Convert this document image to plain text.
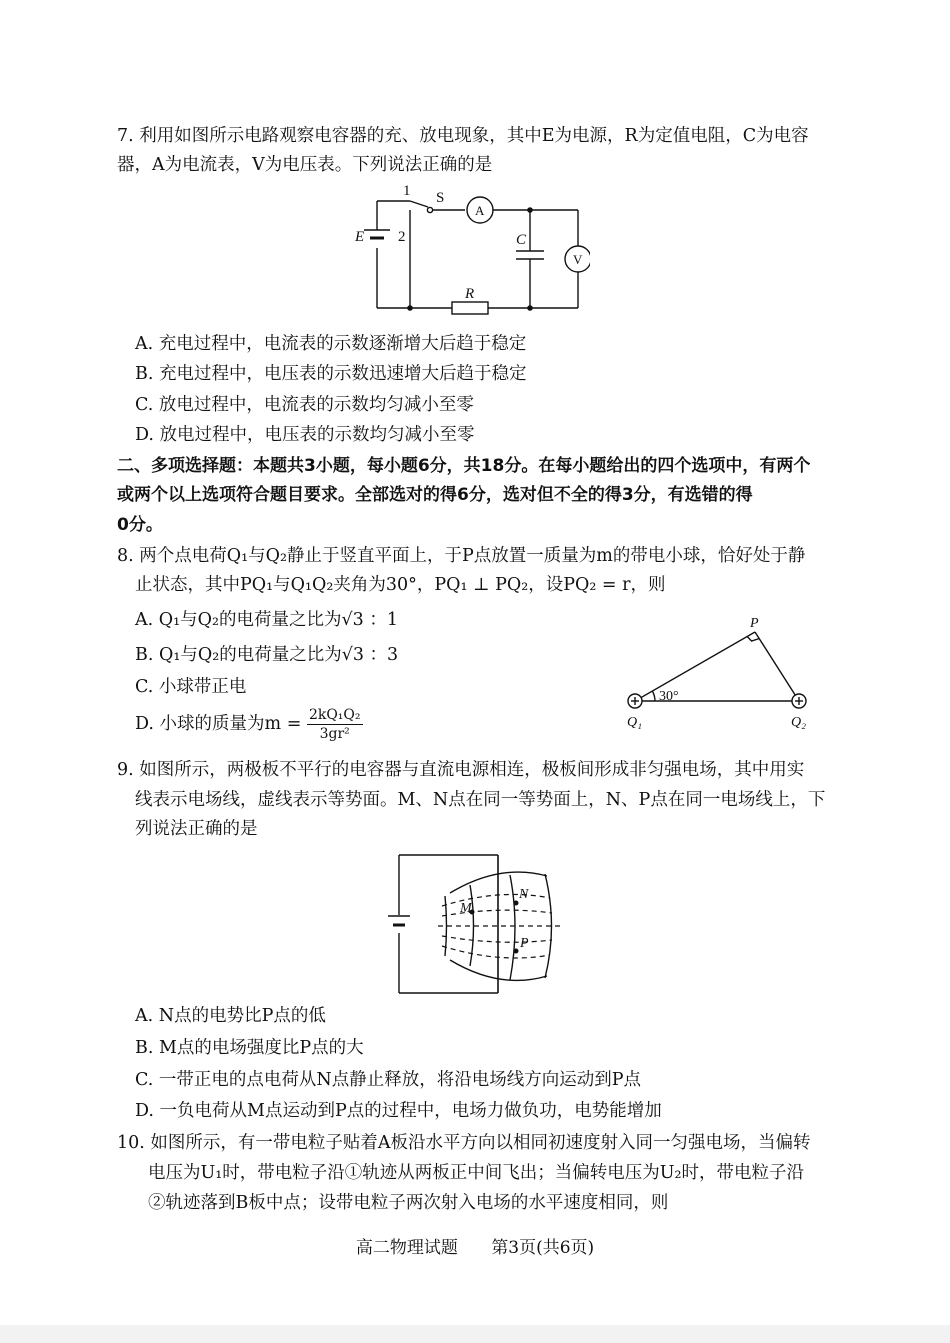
7. 利用如图所示电路观察电容器的充、放电现象，其中E为电源，R为定值电阻，C为电容
器，A为电流表，V为电压表。下列说法正确的是
1 S
E 2	C
R
A
V
A. 充电过程中，电流表的示数逐渐增大后趋于稳定
B. 充电过程中，电压表的示数迅速增大后趋于稳定
C. 放电过程中，电流表的示数均匀减小至零
D. 放电过程中，电压表的示数均匀减小至零
二、多项选择题：本题共3小题，每小题6分，共18分。在每小题给出的四个选项中，有两个
或两个以上选项符合题目要求。全部选对的得6分，选对但不全的得3分，有选错的得
0分。
8. 两个点电荷Q₁与Q₂静止于竖直平面上，于P点放置一质量为m的带电小球，恰好处于静
止状态，其中PQ₁与Q₁Q₂夹角为30°，PQ₁ ⊥ PQ₂，设PQ₂ = r，则
A. Q₁与Q₂的电荷量之比为√3 ：1
B. Q₁与Q₂的电荷量之比为√3 ：3
C. 小球带正电
D. 小球的质量为$m = \frac{\text{2kQ₁Q₂}}{\text{3gr²}}$
P
30°
Q₁	Q₂
9. 如图所示，两极板不平行的电容器与直流电源相连，极板间形成非匀强电场，其中用实
线表示电场线，虚线表示等势面。M、N点在同一等势面上，N、P点在同一电场线上，下
列说法正确的是
M
N
P
A. N点的电势比P点的低
B. M点的电场强度比P点的大
C. 一带正电的点电荷从N点静止释放，将沿电场线方向运动到P点
D. 一负电荷从M点运动到P点的过程中，电场力做负功，电势能增加
10. 如图所示，有一带电粒子贴着A板沿水平方向以相同初速度射入同一匀强电场，当偏转
电压为U₁时，带电粒子沿①轨迹从两板正中间飞出；当偏转电压为U₂时，带电粒子沿
②轨迹落到B板中点；设带电粒子两次射入电场的水平速度相同，则
高二物理试题 第3页(共6页)
